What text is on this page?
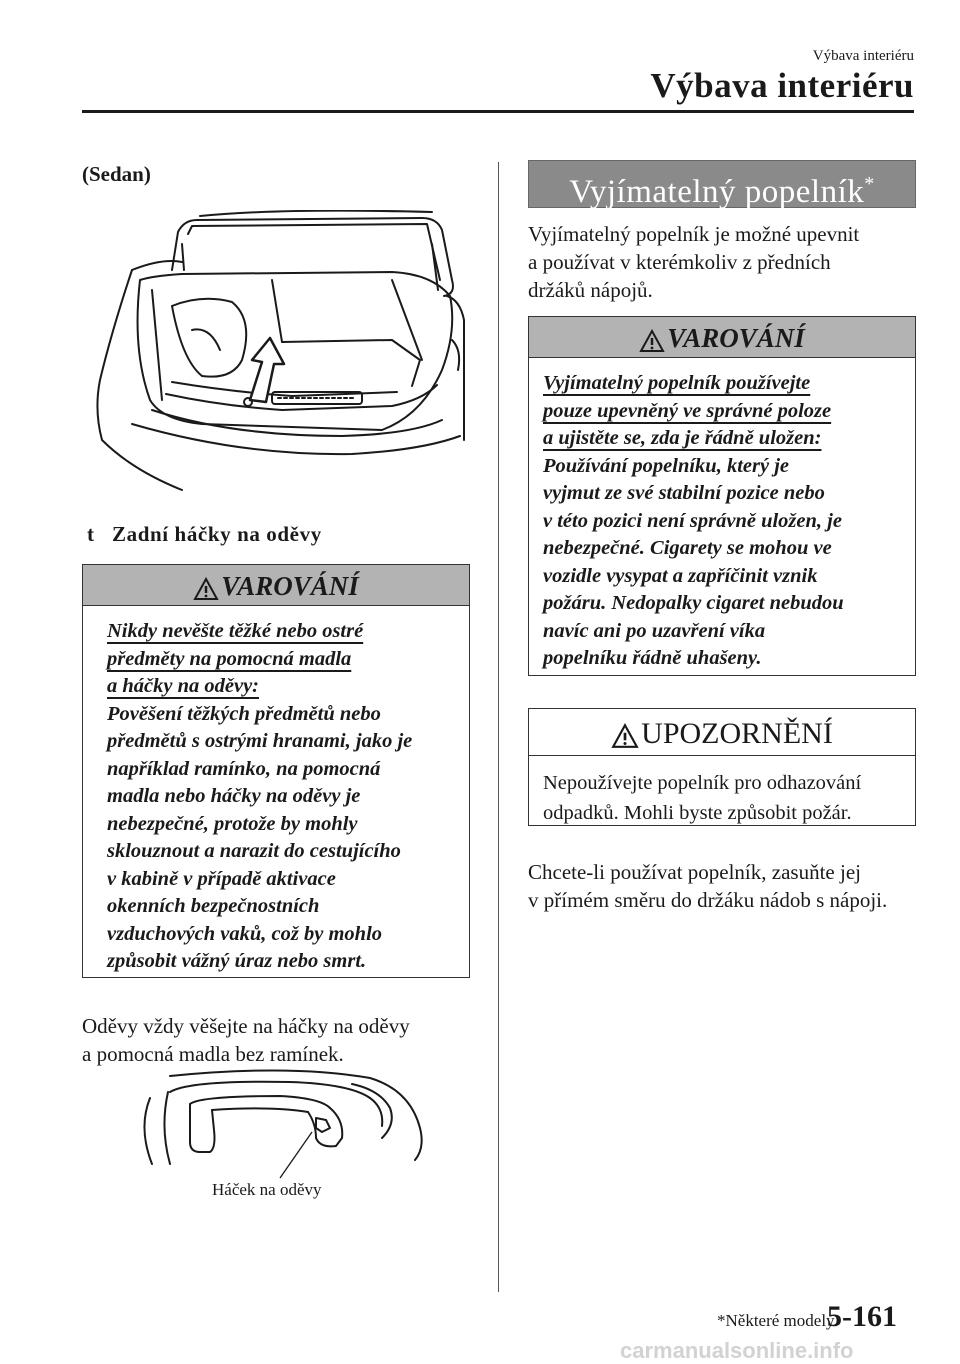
Výbava interiéru
Výbava interiéru
(Sedan)
t Zadní háčky na oděvy
VAROVÁNÍ
Nikdy nevěšte těžké nebo ostré
předměty na pomocná madla
a háčky na oděvy:
Pověšení těžkých předmětů nebo
předmětů s ostrými hranami, jako je
například ramínko, na pomocná
madla nebo háčky na oděvy je
nebezpečné, protože by mohly
sklouznout a narazit do cestujícího
v kabině v případě aktivace
okenních bezpečnostních
vzduchových vaků, což by mohlo
způsobit vážný úraz nebo smrt.
Oděvy vždy věšejte na háčky na oděvy
a pomocná madla bez ramínek.
Háček na oděvy
Vyjímatelný popelník*
Vyjímatelný popelník je možné upevnit
a používat v kterémkoliv z předních
držáků nápojů.
VAROVÁNÍ
Vyjímatelný popelník používejte
pouze upevněný ve správné poloze
a ujistěte se, zda je řádně uložen:
Používání popelníku, který je
vyjmut ze své stabilní pozice nebo
v této pozici není správně uložen, je
nebezpečné. Cigarety se mohou ve
vozidle vysypat a zapříčinit vznik
požáru. Nedopalky cigaret nebudou
navíc ani po uzavření víka
popelníku řádně uhašeny.
UPOZORNĚNÍ
Nepoužívejte popelník pro odhazování
odpadků. Mohli byste způsobit požár.
Chcete-li používat popelník, zasuňte jej
v přímém směru do držáku nádob s nápoji.
*Některé modely.
5-161
carmanualsonline.info
